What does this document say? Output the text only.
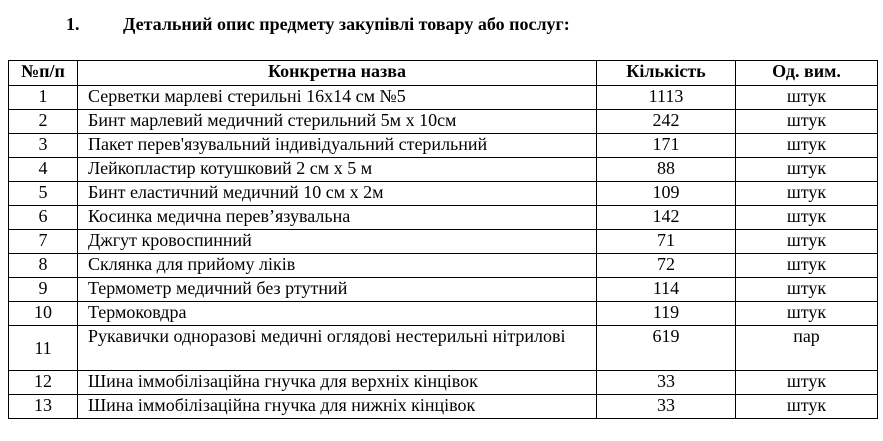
1. Детальний опис предмету закупівлі товару або послуг:
№п/п	Конкретна назва	Кількість	Од. вим.
1	Серветки марлеві стерильні 16х14 см №5	1113	штук
2	Бинт марлевий медичний стерильний 5м х 10см	242	штук
3	Пакет перев'язувальний індивідуальний стерильний	171	штук
4	Лейкопластир котушковий 2 см х 5 м	88	штук
5	Бинт еластичний медичний 10 см х 2м	109	штук
6	Косинка медична перев’язувальна	142	штук
7	Джгут кровоспинний	71	штук
8	Склянка для прийому ліків	72	штук
9	Термометр медичний без ртутний	114	штук
10	Термоковдра	119	штук
11	Рукавички одноразові медичні оглядові нестерильні нітрилові	619	пар
12	Шина іммобілізаційна гнучка для верхніх кінцівок	33	штук
13	Шина іммобілізаційна гнучка для нижніх кінцівок	33	штук
